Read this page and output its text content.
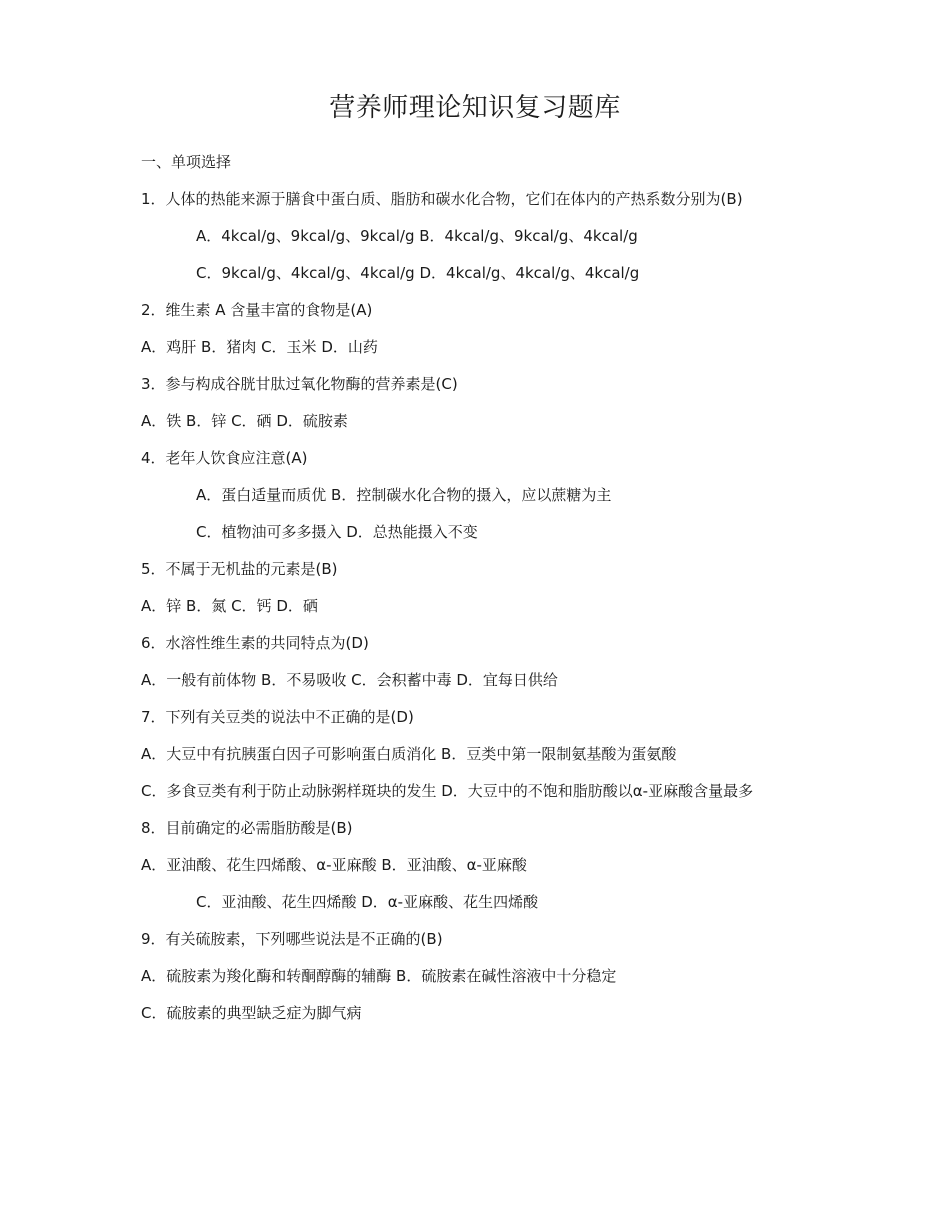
营养师理论知识复习题库
一、单项选择
1．人体的热能来源于膳食中蛋白质、脂肪和碳水化合物，它们在体内的产热系数分别为(B)
A．4kcal/g、9kcal/g、9kcal/g B．4kcal/g、9kcal/g、4kcal/g
C．9kcal/g、4kcal/g、4kcal/g D．4kcal/g、4kcal/g、4kcal/g
2．维生素 A 含量丰富的食物是(A)
A．鸡肝 B．猪肉 C．玉米 D．山药
3．参与构成谷胱甘肽过氧化物酶的营养素是(C)
A．铁 B．锌 C．硒 D．硫胺素
4．老年人饮食应注意(A)
A．蛋白适量而质优 B．控制碳水化合物的摄入，应以蔗糖为主
C．植物油可多多摄入 D．总热能摄入不变
5．不属于无机盐的元素是(B)
A．锌 B．氮 C．钙 D．硒
6．水溶性维生素的共同特点为(D)
A．一般有前体物 B．不易吸收 C．会积蓄中毒 D．宜每日供给
7．下列有关豆类的说法中不正确的是(D)
A．大豆中有抗胰蛋白因子可影响蛋白质消化 B．豆类中第一限制氨基酸为蛋氨酸
C．多食豆类有利于防止动脉粥样斑块的发生 D．大豆中的不饱和脂肪酸以α-亚麻酸含量最多
8．目前确定的必需脂肪酸是(B)
A．亚油酸、花生四烯酸、α-亚麻酸 B．亚油酸、α-亚麻酸
C．亚油酸、花生四烯酸 D．α-亚麻酸、花生四烯酸
9．有关硫胺素，下列哪些说法是不正确的(B)
A．硫胺素为羧化酶和转酮醇酶的辅酶 B．硫胺素在碱性溶液中十分稳定
C．硫胺素的典型缺乏症为脚气病
